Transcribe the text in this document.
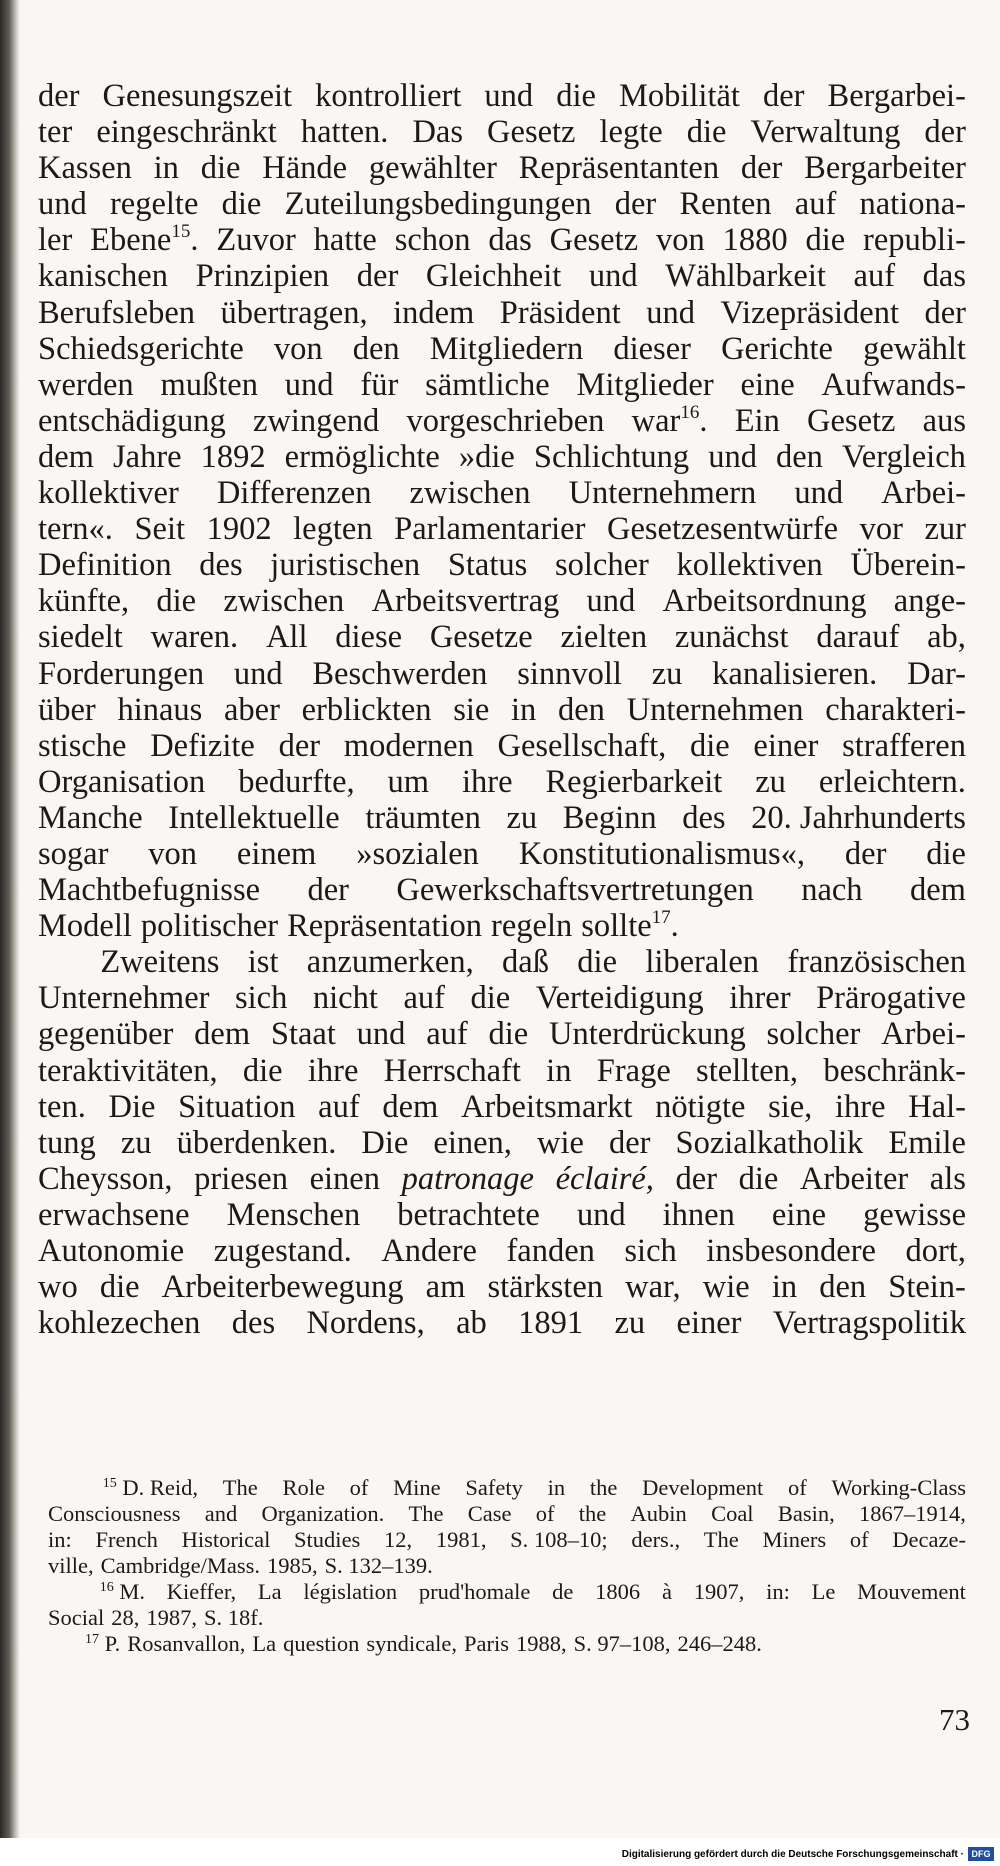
der Genesungszeit kontrolliert und die Mobilität der Bergarbei-
ter eingeschränkt hatten. Das Gesetz legte die Verwaltung der
Kassen in die Hände gewählter Repräsentanten der Bergarbeiter
und regelte die Zuteilungsbedingungen der Renten auf nationa-
ler Ebene$^{15}$. Zuvor hatte schon das Gesetz von 1880 die republi-
kanischen Prinzipien der Gleichheit und Wählbarkeit auf das
Berufsleben übertragen, indem Präsident und Vizepräsident der
Schiedsgerichte von den Mitgliedern dieser Gerichte gewählt
werden mußten und für sämtliche Mitglieder eine Aufwands-
entschädigung zwingend vorgeschrieben war$^{16}$. Ein Gesetz aus
dem Jahre 1892 ermöglichte »die Schlichtung und den Vergleich
kollektiver Differenzen zwischen Unternehmern und Arbei-
tern«. Seit 1902 legten Parlamentarier Gesetzesentwürfe vor zur
Definition des juristischen Status solcher kollektiven Überein-
künfte, die zwischen Arbeitsvertrag und Arbeitsordnung ange-
siedelt waren. All diese Gesetze zielten zunächst darauf ab,
Forderungen und Beschwerden sinnvoll zu kanalisieren. Dar-
über hinaus aber erblickten sie in den Unternehmen charakteri-
stische Defizite der modernen Gesellschaft, die einer strafferen
Organisation bedurfte, um ihre Regierbarkeit zu erleichtern.
Manche Intellektuelle träumten zu Beginn des 20. Jahrhunderts
sogar von einem »sozialen Konstitutionalismus«, der die
Machtbefugnisse der Gewerkschaftsvertretungen nach dem
Modell politischer Repräsentation regeln sollte$^{17}$.
Zweitens ist anzumerken, daß die liberalen französischen
Unternehmer sich nicht auf die Verteidigung ihrer Prärogative
gegenüber dem Staat und auf die Unterdrückung solcher Arbei-
teraktivitäten, die ihre Herrschaft in Frage stellten, beschränk-
ten. Die Situation auf dem Arbeitsmarkt nötigte sie, ihre Hal-
tung zu überdenken. Die einen, wie der Sozialkatholik Emile
Cheysson, priesen einen patronage éclairé, der die Arbeiter als
erwachsene Menschen betrachtete und ihnen eine gewisse
Autonomie zugestand. Andere fanden sich insbesondere dort,
wo die Arbeiterbewegung am stärksten war, wie in den Stein-
kohlezechen des Nordens, ab 1891 zu einer Vertragspolitik
$^{15}$ D. Reid, The Role of Mine Safety in the Development of Working-Class
Consciousness and Organization. The Case of the Aubin Coal Basin, 1867–1914,
in: French Historical Studies 12, 1981, S. 108–10; ders., The Miners of Decaze-
ville, Cambridge/Mass. 1985, S. 132–139.
$^{16}$ M. Kieffer, La législation prud'homale de 1806 à 1907, in: Le Mouvement
Social 28, 1987, S. 18f.
$^{17}$ P. Rosanvallon, La question syndicale, Paris 1988, S. 97–108, 246–248.
73
Digitalisierung gefördert durch die Deutsche Forschungsgemeinschaft · DFG
